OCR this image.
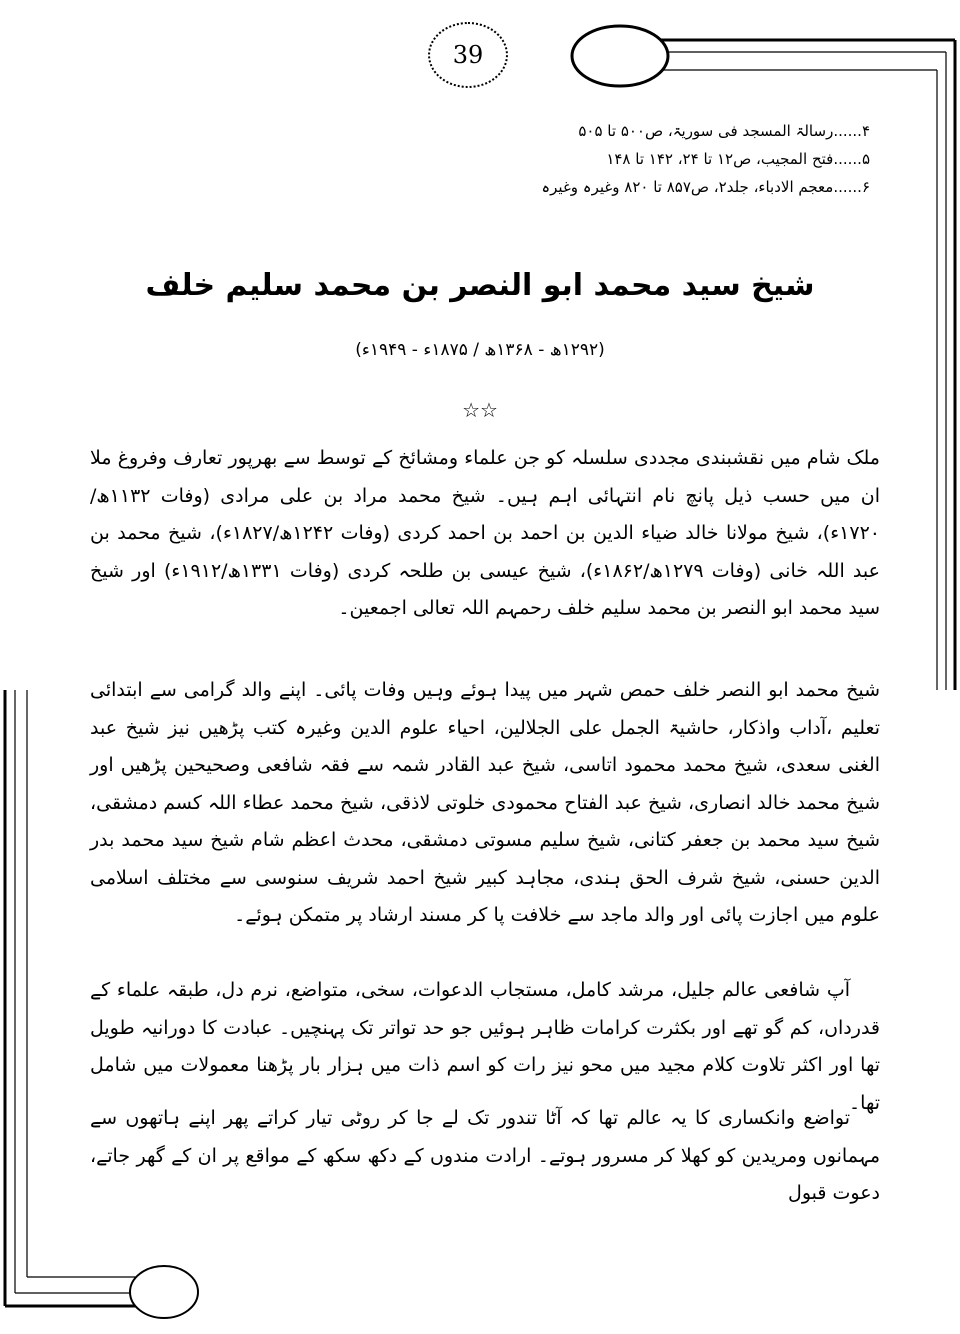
39
۴......رسالۃ المسجد فی سوریۃ، ص۵۰۰ تا ۵۰۵
۵......فتح المجیب، ص۱۲ تا ۲۴، ۱۴۲ تا ۱۴۸
۶......معجم الادباء، جلد۲، ص۸۵۷ تا ۸۲۰ وغیرہ وغیرہ
شیخ سید محمد ابو النصر بن محمد سلیم خلف
(۱۲۹۲ھ - ۱۳۶۸ھ / ۱۸۷۵ء - ۱۹۴۹ء)
☆☆
ملک شام میں نقشبندی مجددی سلسلہ کو جن علماء ومشائخ کے توسط سے بھرپور تعارف وفروغ ملا ان میں حسب ذیل پانچ نام انتہائی اہم ہیں۔ شیخ محمد مراد بن علی مرادی (وفات ۱۱۳۲ھ/ ۱۷۲۰ء)، شیخ مولانا خالد ضیاء الدین بن احمد بن احمد کردی (وفات ۱۲۴۲ھ/۱۸۲۷ء)، شیخ محمد بن عبد اللہ خانی (وفات ۱۲۷۹ھ/۱۸۶۲ء)، شیخ عیسی بن طلحہ کردی (وفات ۱۳۳۱ھ/۱۹۱۲ء) اور شیخ سید محمد ابو النصر بن محمد سلیم خلف رحمہم اللہ تعالی اجمعین۔
شیخ محمد ابو النصر خلف حمص شہر میں پیدا ہوئے وہیں وفات پائی۔ اپنے والد گرامی سے ابتدائی تعلیم ،آداب واذکار، حاشیۃ الجمل علی الجلالین، احیاء علوم الدین وغیرہ کتب پڑھیں نیز شیخ عبد الغنی سعدی، شیخ محمد محمود اتاسی، شیخ عبد القادر شمہ سے فقہ شافعی وصحیحین پڑھیں اور شیخ محمد خالد انصاری، شیخ عبد الفتاح محمودی خلوتی لاذقی، شیخ محمد عطاء اللہ کسم دمشقی، شیخ سید محمد بن جعفر کتانی، شیخ سلیم مسوتی دمشقی، محدث اعظم شام شیخ سید محمد بدر الدین حسنی، شیخ شرف الحق ہندی، مجاہد کبیر شیخ احمد شریف سنوسی سے مختلف اسلامی علوم میں اجازت پائی اور والد ماجد سے خلافت پا کر مسند ارشاد پر متمکن ہوئے۔
آپ شافعی عالم جلیل، مرشد کامل، مستجاب الدعوات، سخی، متواضع، نرم دل، طبقہ علماء کے قدرداں، کم گو تھے اور بکثرت کرامات ظاہر ہوئیں جو حد تواتر تک پہنچیں۔ عبادت کا دورانیہ طویل تھا اور اکثر تلاوت کلام مجید میں محو نیز رات کو اسم ذات میں ہزار بار پڑھنا معمولات میں شامل تھا۔
تواضع وانکساری کا یہ عالم تھا کہ آٹا تندور تک لے جا کر روٹی تیار کراتے پھر اپنے ہاتھوں سے مہمانوں ومریدین کو کھلا کر مسرور ہوتے۔ ارادت مندوں کے دکھ سکھ کے مواقع پر ان کے گھر جاتے، دعوت قبول
